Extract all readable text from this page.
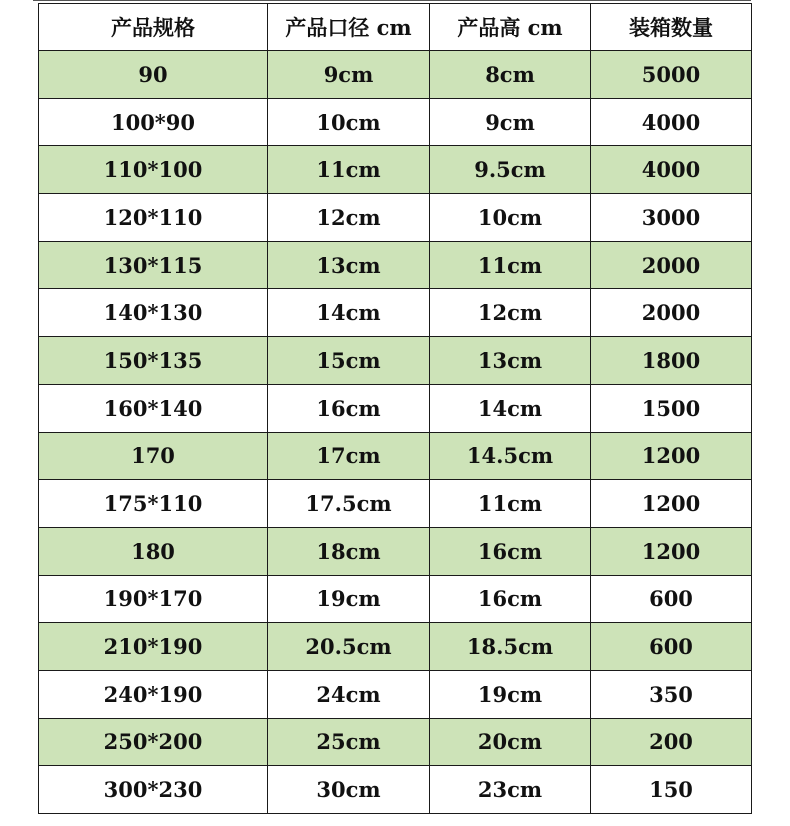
产品规格	产品口径 cm	产品高 cm	装箱数量
90	9cm	8cm	5000
100*90	10cm	9cm	4000
110*100	11cm	9.5cm	4000
120*110	12cm	10cm	3000
130*115	13cm	11cm	2000
140*130	14cm	12cm	2000
150*135	15cm	13cm	1800
160*140	16cm	14cm	1500
170	17cm	14.5cm	1200
175*110	17.5cm	11cm	1200
180	18cm	16cm	1200
190*170	19cm	16cm	600
210*190	20.5cm	18.5cm	600
240*190	24cm	19cm	350
250*200	25cm	20cm	200
300*230	30cm	23cm	150
